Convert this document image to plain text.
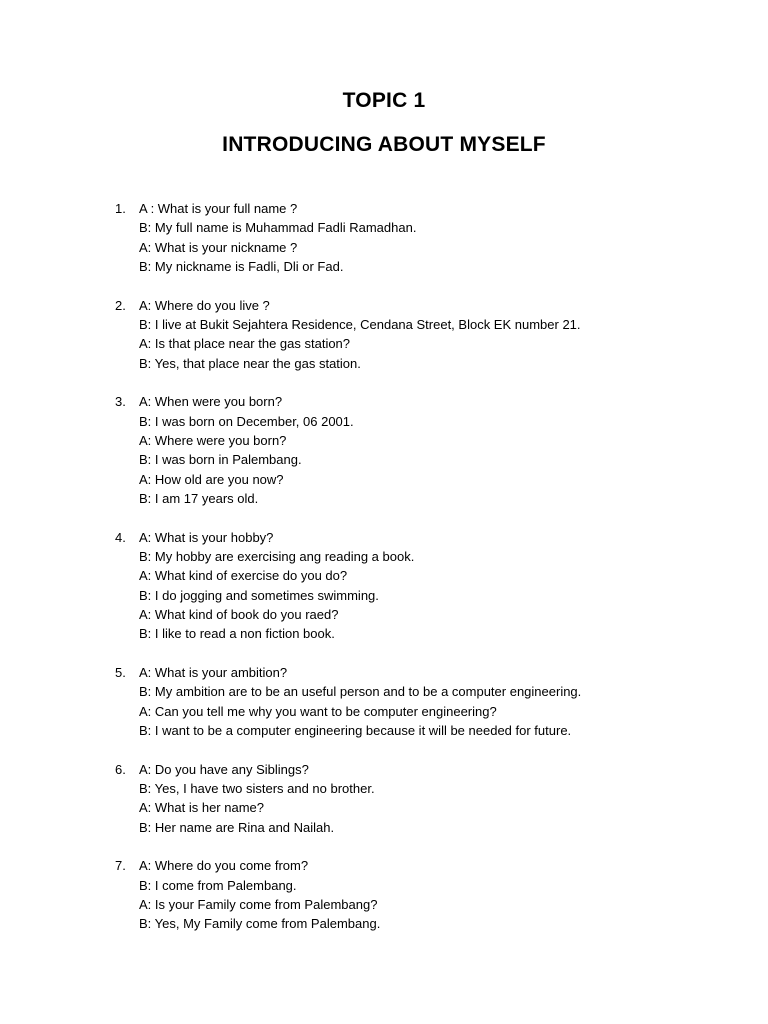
TOPIC 1
INTRODUCING ABOUT MYSELF
1. A : What is your full name ?
B: My full name is Muhammad Fadli Ramadhan.
A: What is your nickname ?
B: My nickname is Fadli, Dli or Fad.
2. A: Where do you live ?
B: I live at Bukit Sejahtera Residence, Cendana Street, Block EK number 21.
A: Is that place near the gas station?
B: Yes, that place near the gas station.
3. A: When were you born?
B: I was born on December, 06 2001.
A: Where were you born?
B: I was born in Palembang.
A: How old are you now?
B: I am 17 years old.
4. A: What is your hobby?
B: My hobby are exercising ang reading a book.
A: What kind of exercise do you do?
B: I do jogging and sometimes swimming.
A: What kind of book do you raed?
B: I like to read a non fiction book.
5. A: What is your ambition?
B: My ambition are to be an useful person and to be a computer engineering.
A: Can you tell me why you want to be computer engineering?
B: I want to be a computer engineering because it will be needed for future.
6. A: Do you have any Siblings?
B: Yes, I have two sisters and no brother.
A: What is her name?
B: Her name are Rina and Nailah.
7. A: Where do you come from?
B: I come from Palembang.
A: Is your Family come from Palembang?
B: Yes, My Family come from Palembang.
